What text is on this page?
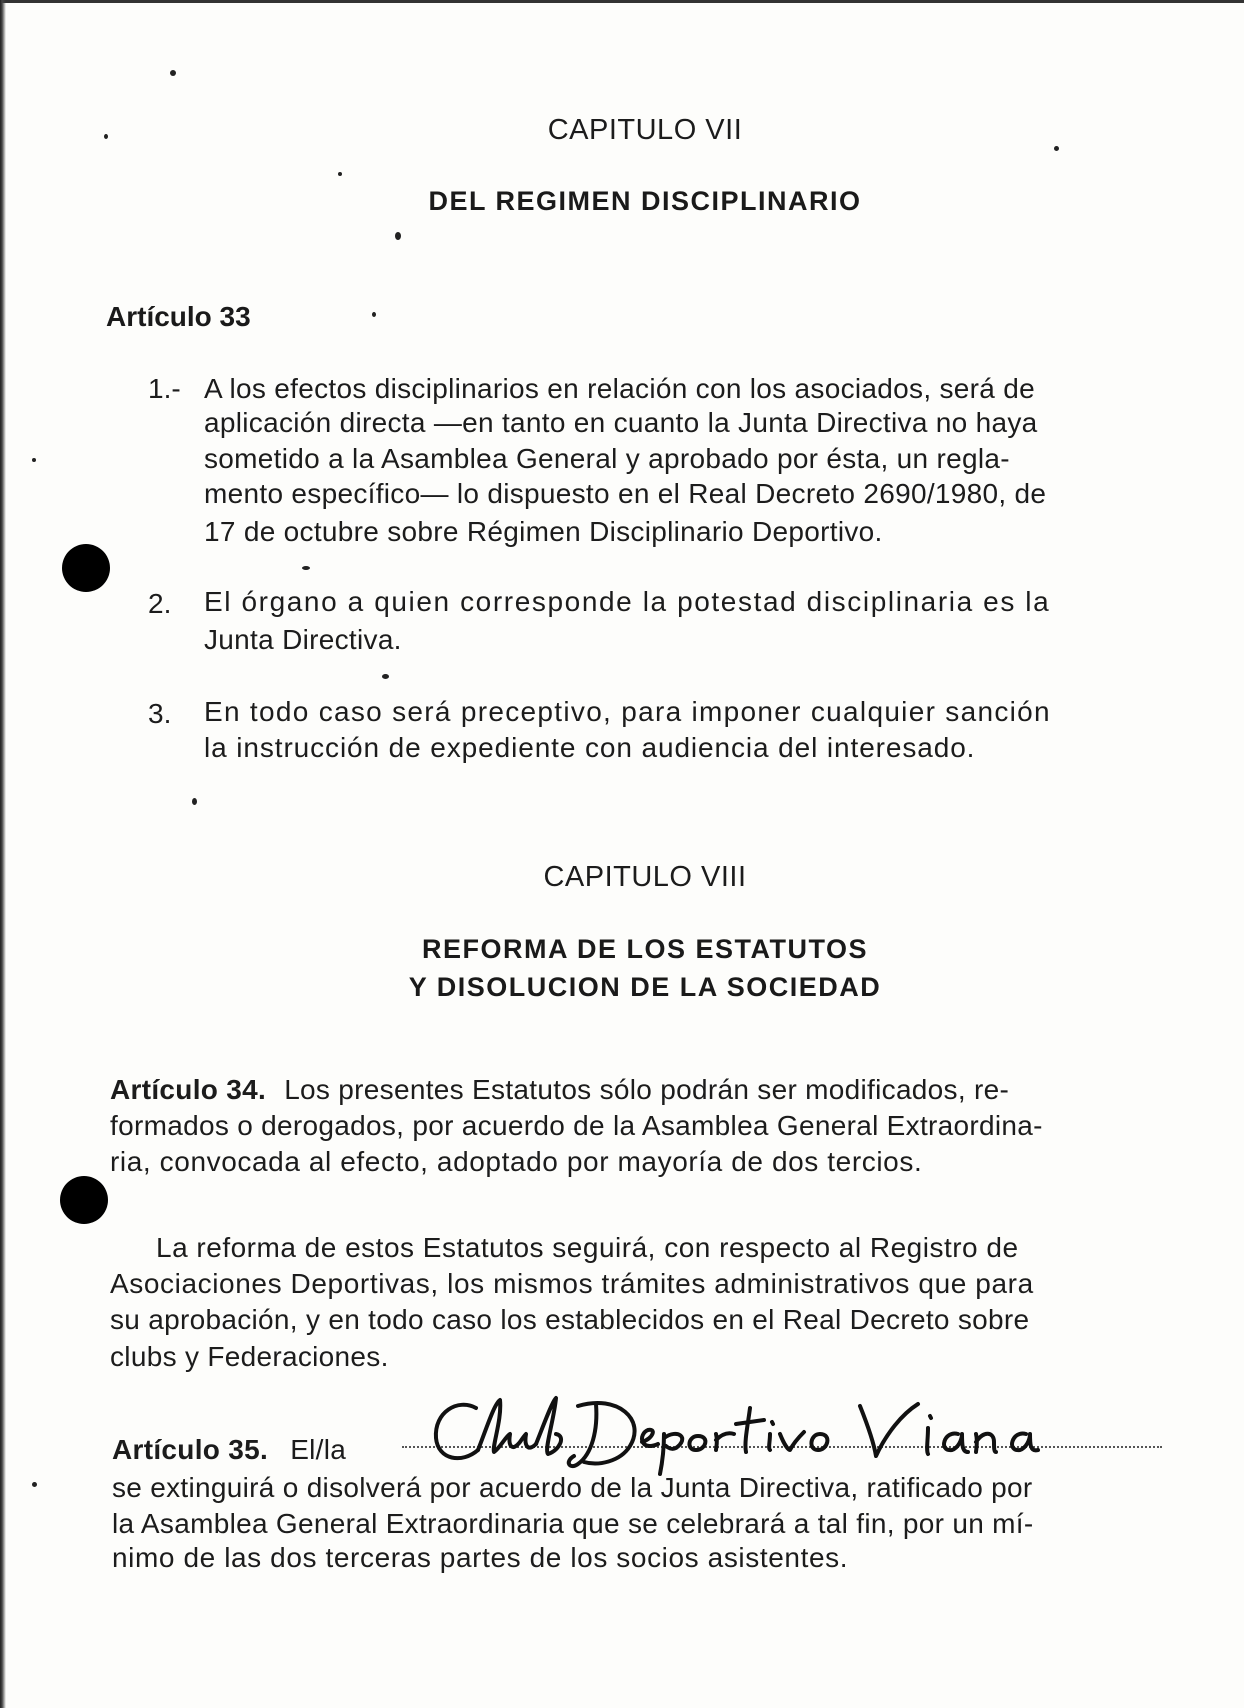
CAPITULO VII
DEL REGIMEN DISCIPLINARIO
Artículo 33
1.- A los efectos disciplinarios en relación con los asociados, será de
aplicación directa —en tanto en cuanto la Junta Directiva no haya
sometido a la Asamblea General y aprobado por ésta, un regla-
mento específico— lo dispuesto en el Real Decreto 2690/1980, de
17 de octubre sobre Régimen Disciplinario Deportivo.
2. El órgano a quien corresponde la potestad disciplinaria es la
Junta Directiva.
3. En todo caso será preceptivo, para imponer cualquier sanción
la instrucción de expediente con audiencia del interesado.
CAPITULO VIII
REFORMA DE LOS ESTATUTOS
Y DISOLUCION DE LA SOCIEDAD
Artículo 34. Los presentes Estatutos sólo podrán ser modificados, re-
formados o derogados, por acuerdo de la Asamblea General Extraordina-
ria, convocada al efecto, adoptado por mayoría de dos tercios.
La reforma de estos Estatutos seguirá, con respecto al Registro de
Asociaciones Deportivas, los mismos trámites administrativos que para
su aprobación, y en todo caso los establecidos en el Real Decreto sobre
clubs y Federaciones.
Artículo 35. El/la
se extinguirá o disolverá por acuerdo de la Junta Directiva, ratificado por
la Asamblea General Extraordinaria que se celebrará a tal fin, por un mí-
nimo de las dos terceras partes de los socios asistentes.
